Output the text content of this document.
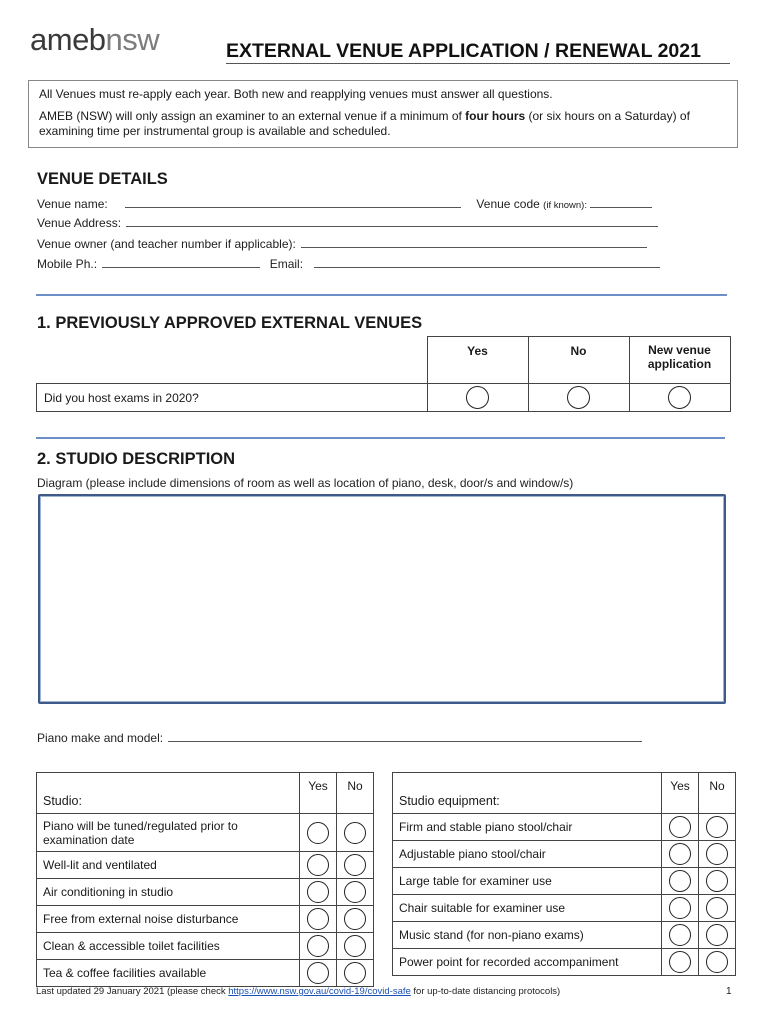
amebnsw	EXTERNAL VENUE APPLICATION / RENEWAL 2021

All Venues must re-apply each year. Both new and reapplying venues must answer all questions.

AMEB (NSW) will only assign an examiner to an external venue if a minimum of four hours (or six hours on a Saturday) of examining time per instrumental group is available and scheduled.

VENUE DETAILS
Venue name:	Venue code (if known):
Venue Address:
Venue owner (and teacher number if applicable):
Mobile Ph.:	Email:
1. PREVIOUSLY APPROVED EXTERNAL VENUES
	Yes	No	New venue application
Did you host exams in 2020?			
2. STUDIO DESCRIPTION
Diagram (please include dimensions of room as well as location of piano, desk, door/s and window/s)
Piano make and model:
Studio:	Yes	No
Piano will be tuned/regulated prior to examination date		
Well-lit and ventilated		
Air conditioning in studio		
Free from external noise disturbance		
Clean & accessible toilet facilities		
Tea & coffee facilities available		
Studio equipment:	Yes	No
Firm and stable piano stool/chair		
Adjustable piano stool/chair		
Large table for examiner use		
Chair suitable for examiner use		
Music stand (for non-piano exams)		
Power point for recorded accompaniment		
Last updated 29 January 2021 (please check https://www.nsw.gov.au/covid-19/covid-safe for up-to-date distancing protocols)	1
